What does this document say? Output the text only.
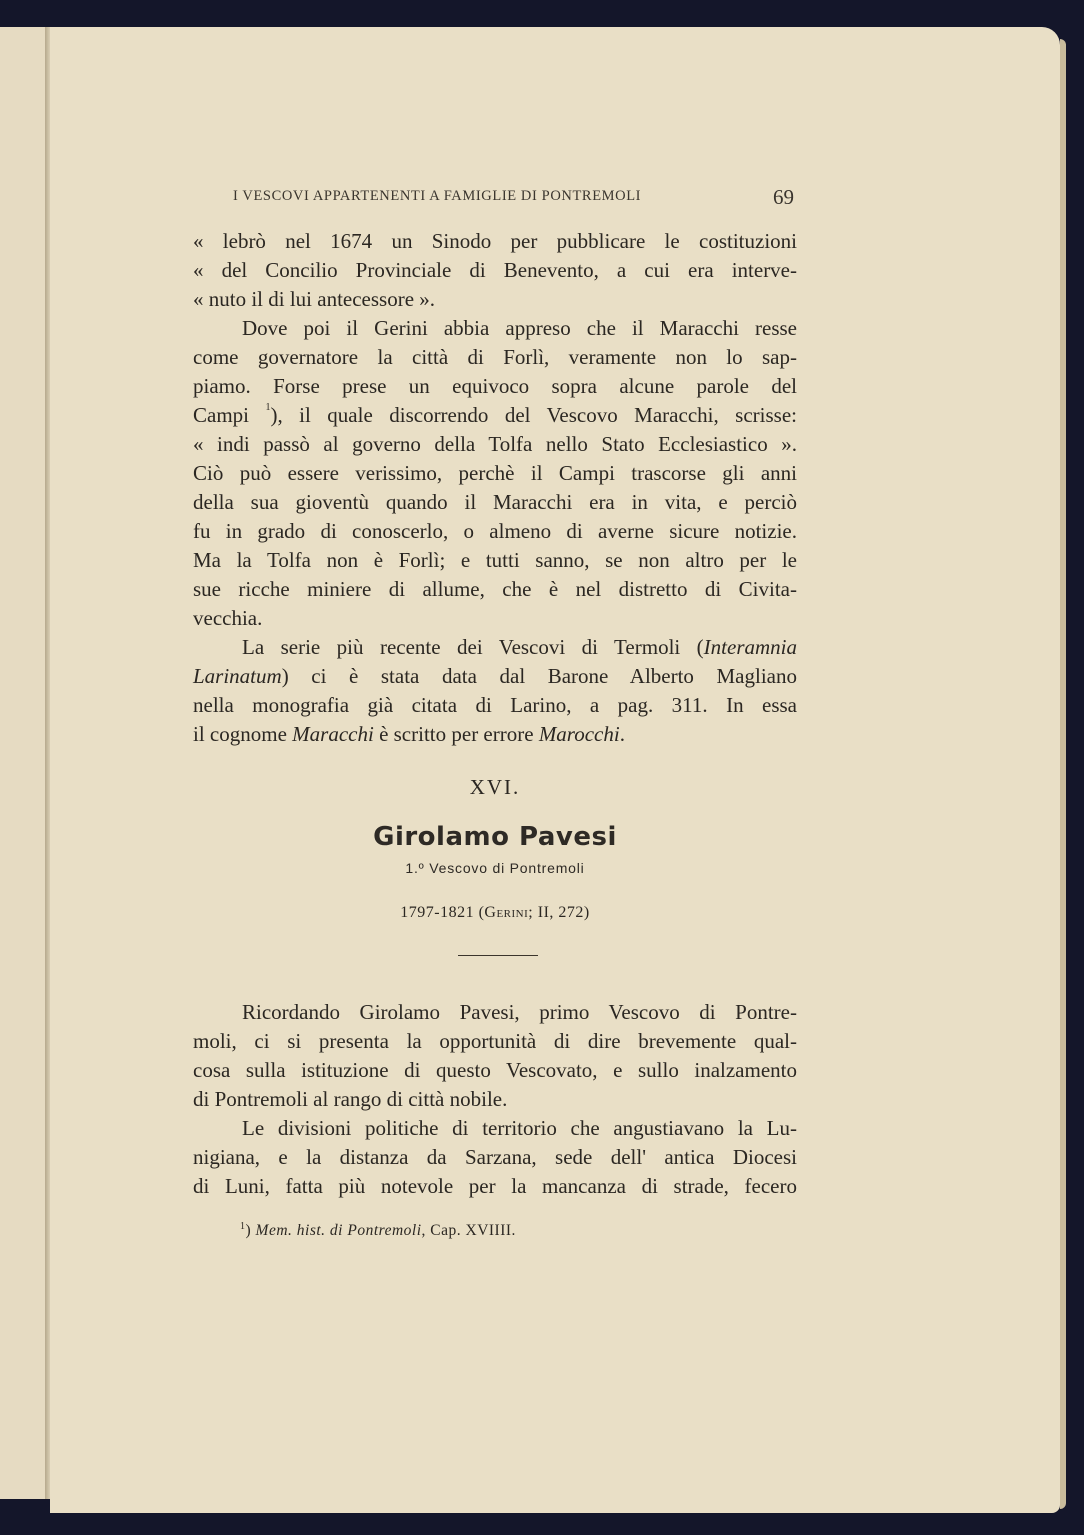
I VESCOVI APPARTENENTI A FAMIGLIE DI PONTREMOLI	69
« lebrò nel 1674 un Sinodo per pubblicare le costituzioni
« del Concilio Provinciale di Benevento, a cui era interve-
« nuto il di lui antecessore ».
Dove poi il Gerini abbia appreso che il Maracchi resse
come governatore la città di Forlì, veramente non lo sap-
piamo. Forse prese un equivoco sopra alcune parole del
Campi $^1$), il quale discorrendo del Vescovo Maracchi, scrisse:
« indi passò al governo della Tolfa nello Stato Ecclesiastico ».
Ciò può essere verissimo, perchè il Campi trascorse gli anni
della sua gioventù quando il Maracchi era in vita, e perciò
fu in grado di conoscerlo, o almeno di averne sicure notizie.
Ma la Tolfa non è Forlì; e tutti sanno, se non altro per le
sue ricche miniere di allume, che è nel distretto di Civita-
vecchia.
La serie più recente dei Vescovi di Termoli (Interamnia
Larinatum) ci è stata data dal Barone Alberto Magliano
nella monografia già citata di Larino, a pag. 311. In essa
il cognome Maracchi è scritto per errore Marocchi.
XVI.
Girolamo Pavesi
1.º Vescovo di Pontremoli
1797-1821 (Gerini; II, 272)
Ricordando Girolamo Pavesi, primo Vescovo di Pontre-
moli, ci si presenta la opportunità di dire brevemente qual-
cosa sulla istituzione di questo Vescovato, e sullo inalzamento
di Pontremoli al rango di città nobile.
Le divisioni politiche di territorio che angustiavano la Lu-
nigiana, e la distanza da Sarzana, sede dell' antica Diocesi
di Luni, fatta più notevole per la mancanza di strade, fecero
$^1$) Mem. hist. di Pontremoli, Cap. XVIIII.
